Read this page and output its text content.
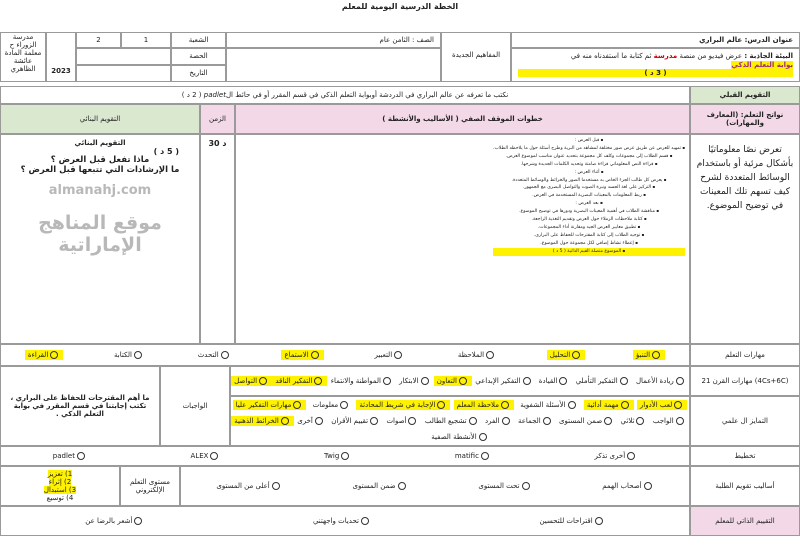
الخطة الدرسية اليومية للمعلم
مدرسة
الزوراء ح
معلمة المادة
عائشة الظاهري	2023
2	1	الشعبة
الحصة
التاريخ
الصف : الثامن عام
المفاهيم الجديدة
عنوان الدرس: عالم البراري
البيئة الجاذبة :

عرض فيديو من منصة

مدرسة

ثم كتابة ما استفدناه منه في

بوابة التعلم الذكي
( 3 د )
نكتب ما تعرفه عن عالم البراري في الدردشة أوبوابة التعلم الذكي في قسم المقرر أو في حائط ال
padlet

( 2 د )	التقويم القبلي
التقويم البنائي	خطوات الموقف الصفي ( الأساليب والأنشطة )
الزمن
نواتج التعلم: (المعارف والمهارات)
التقويم البنائي
( 5 د )
ماذا تفعل قبل العرض ؟
ما الإرشادات التي تتبعها قبل العرض ؟
almanahj.com
موقع المناهج الإماراتية
30 د
▪	قبل العرض :
▪ تمهيد للعرض عن طريق عرض صور مختلفة لمشاهد من البرية وطرح أسئلة حول ما يلاحظه الطلاب.
▪ قسم الطلاب إلى مجموعات وكلف كل مجموعة بتحديد عنوان مناسب لموضوع العرض.
▪ قراءة النص المعلوماتي قراءة صامتة وتحديد الكلمات الجديدة وشرحها.
▪ أثناء العرض :
▪ يعرض كل طالب الجزء الخاص به مستخدما الصور والخرائط والوسائط المتعددة.
▪ التركيز على لغة الجسد ونبرة الصوت والتواصل البصري مع الجمهور.
▪ ربط المعلومات بالمعينات البصرية المستخدمة في العرض.
▪ بعد العرض :
▪ مناقشة الطلاب في أهمية المعينات البصرية ودورها في توضيح الموضوع.
▪ كتابة ملاحظات الزملاء حول العرض وتقديم التغذية الراجعة.
▪ تطبيق معايير العرض الجيد ومقارنة أداء المجموعات.
▪ توجيه الطلاب إلى كتابة المقترحات للحفاظ على البراري.
▪ إعطاء نشاط إضافي لكل مجموعة حول الموضوع.
▪ الموضوع متصلة القيم الذاتية ( 5 د )
تعرض نصًا معلوماتيًا بأشكال مرئية أو باستخدام الوسائط المتعددة لشرح كيف تسهم تلك المعينات في توضيح الموضوع.
القراءة	الكتابة	التحدث	الاستماع	التعبير	الملاحظة	التحليل	التنبؤ	مهارات التعلم
التواصل	التفكير الناقد	المواطنة والانتماء	الابتكار	التعاون	التفكير الإبداعي	القيادة	التفكير التأملي	ريادة الأعمال	مهارات القرن 21 (4Cs+6C)
ما أهم المقترحات للحفاظ على البراري ، تكتب إجابتنا في قسم المقرر في بوابة التعلم الذكي .
الواجبات	مهارات التفكير عليا	معلومات	الإجابة في شريط المحادثة	ملاحظة المعلم	الأسئلة الشفوية	مهمة أدائية	لعب الأدوار
الخرائط الذهنية	آخرى	تقييم الأقران	أصوات	تشجيع الطالب	الفرد	الجماعة	صمن المستوى	ثلاثي	الواجب
الأنشطة الصفية
التمايز ال علمي
padlet	ALEX	Twig	matific	أخرى تذكر	تخطيط
1) تعزيز
2) إثراء
3) استبدال
4) توسيع
مستوى التعلم الإلكتروني
أعلى من المستوى	ضمن المستوى	تحت المستوى	أصحاب الهمم	أساليب تقويم الطلبة
أشعر بالرضا عن	تحديات واجهتني	اقتراحات للتحسين	التقييم الذاتي للمعلم
